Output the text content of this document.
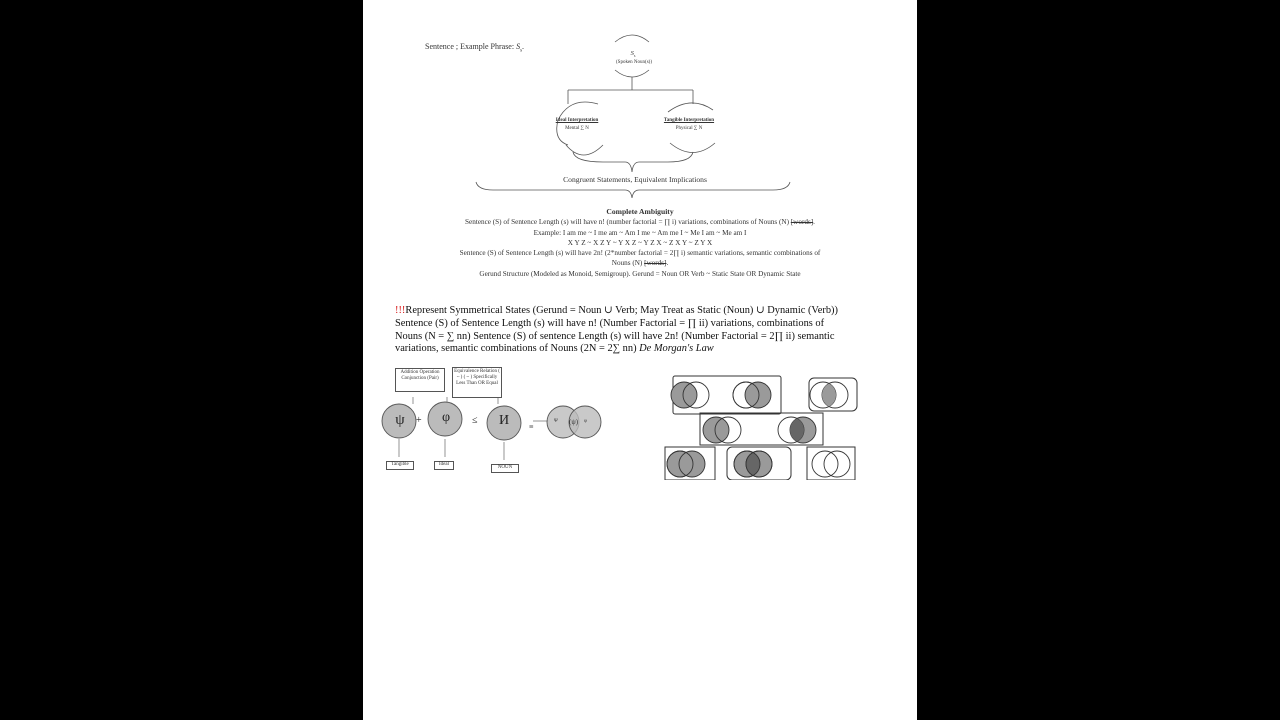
Sentence ; Example Phrase: $S_s$.
$S_s$
(Spoken Noun(s))
Ideal Interpretation
Mental ∑ N
Tangible Interpretation
Physical ∑ N
Congruent Statements, Equivalent Implications
Complete Ambiguity
Sentence (S) of Sentence Length (s) will have n! (number factorial = ∏ i) variations, combinations of Nouns (N) [words].
Example: I am me ~ I me am ~ Am I me ~ Am me I ~ Me I am ~ Me am I
X Y Z ~ X Z Y ~ Y X Z ~ Y Z X ~ Z X Y ~ Z Y X
Sentence (S) of Sentence Length (s) will have 2n! (2*number factorial = 2∏ i) semantic variations, semantic combinations of
Nouns (N) [words].
Gerund Structure (Modeled as Monoid, Semigroup). Gerund = Noun OR Verb ~ Static State OR Dynamic State
!!!Represent Symmetrical States (Gerund = Noun ∪ Verb; May Treat as Static (Noun) ∪ Dynamic (Verb))
Sentence (S) of Sentence Length (s) will have n! (Number Factorial = ∏ ii) variations, combinations of
Nouns (N = ∑ nn) Sentence (S) of sentence Length (s) will have 2n! (Number Factorial = 2∏ ii) semantic
variations, semantic combinations of Nouns (2N = 2∑ nn) De Morgan's Law
Addition Operation Conjunction (Pair)
Equivalence Relation ( ~ ) ( ~ ) Specifically Less Than OR Equal
ψ	φ	И
+	≤
≡
Ψ (ψ) φ
Tangible	Ideal
NOUN
